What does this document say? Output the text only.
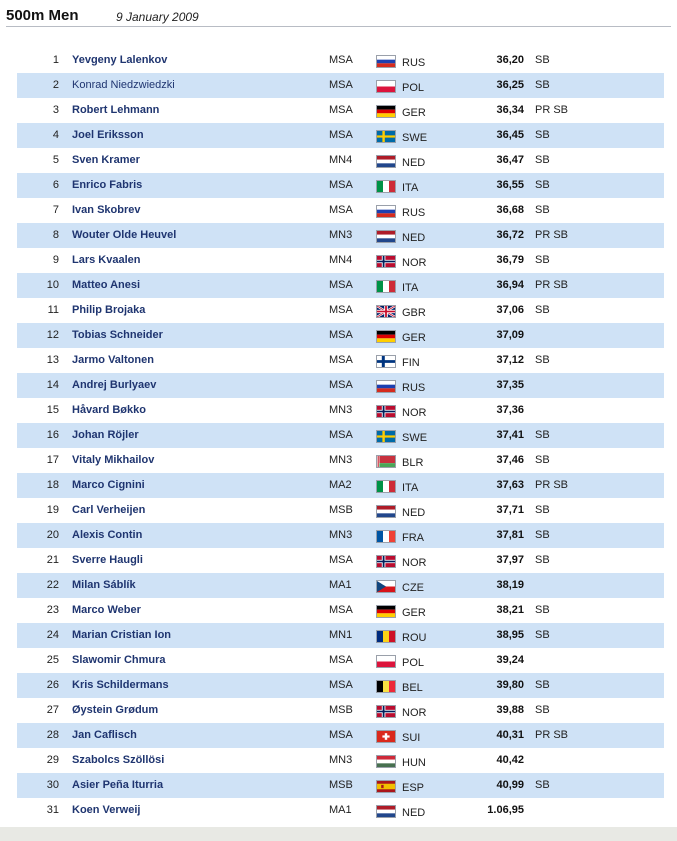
500m Men	9 January 2009
1 Yevgeny Lalenkov	MSA	RUS	36,20 SB
2 Konrad Niedzwiedzki	MSA	POL	36,25 SB
3 Robert Lehmann	MSA	GER	36,34 PR SB
4 Joel Eriksson	MSA	SWE	36,45 SB
5 Sven Kramer	MN4	NED	36,47 SB
6 Enrico Fabris	MSA	ITA	36,55 SB
7 Ivan Skobrev	MSA	RUS	36,68 SB
8 Wouter Olde Heuvel	MN3	NED	36,72 PR SB
9 Lars Kvaalen	MN4	NOR	36,79 SB
10 Matteo Anesi	MSA	ITA	36,94 PR SB
11 Philip Brojaka	MSA	GBR	37,06 SB
12 Tobias Schneider	MSA	GER	37,09
13 Jarmo Valtonen	MSA	FIN	37,12 SB
14 Andrej Burlyaev	MSA	RUS	37,35
15 Håvard Bøkko	MN3	NOR	37,36
16 Johan Röjler	MSA	SWE	37,41 SB
17 Vitaly Mikhailov	MN3	BLR	37,46 SB
18 Marco Cignini	MA2	ITA	37,63 PR SB
19 Carl Verheijen	MSB	NED	37,71 SB
20 Alexis Contin	MN3	FRA	37,81 SB
21 Sverre Haugli	MSA	NOR	37,97 SB
22 Milan Sáblík	MA1	CZE	38,19
23 Marco Weber	MSA	GER	38,21 SB
24 Marian Cristian Ion	MN1	ROU	38,95 SB
25 Slawomir Chmura	MSA	POL	39,24
26 Kris Schildermans	MSA	BEL	39,80 SB
27 Øystein Grødum	MSB	NOR	39,88 SB
28 Jan Caflisch	MSA	SUI	40,31 PR SB
29 Szabolcs Szöllösi	MN3	HUN	40,42
30 Asier Peña Iturria	MSB	ESP	40,99 SB
31 Koen Verweij	MA1	NED	1.06,95
